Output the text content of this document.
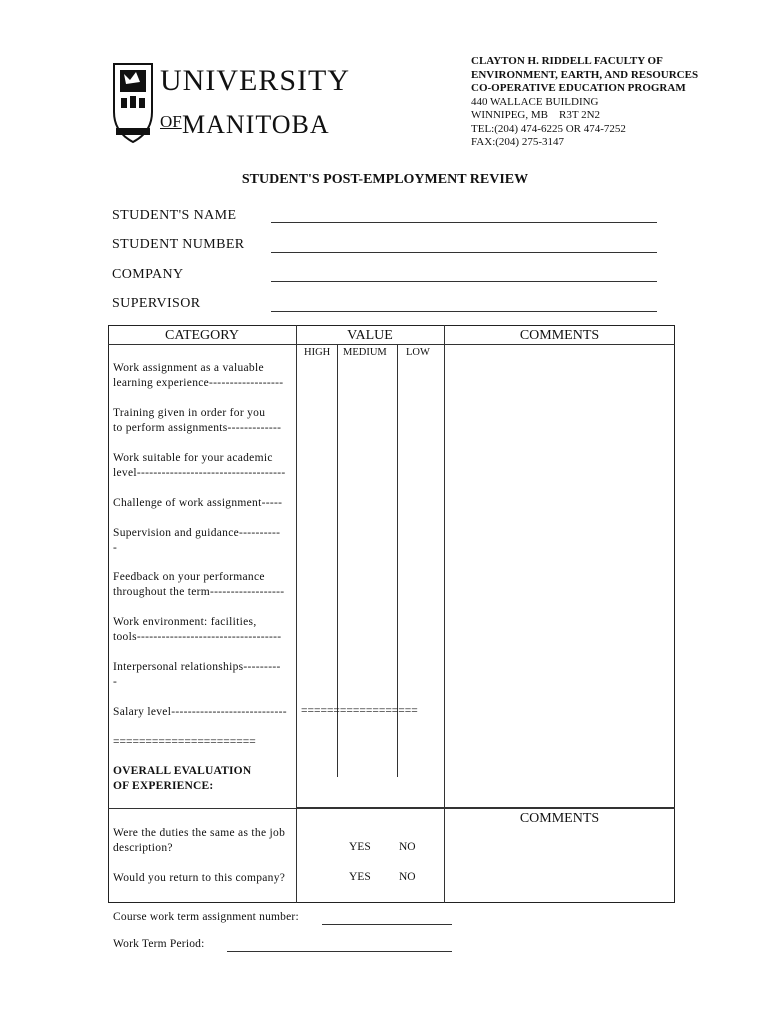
UNIVERSITY
OF MANITOBA
CLAYTON H. RIDDELL FACULTY OF
ENVIRONMENT, EARTH, AND RESOURCES
CO-OPERATIVE EDUCATION PROGRAM
440 WALLACE BUILDING
WINNIPEG, MB    R3T 2N2
TEL:(204) 474-6225 OR 474-7252
FAX:(204) 275-3147
STUDENT'S POST-EMPLOYMENT REVIEW
STUDENT'S NAME
STUDENT NUMBER
COMPANY
SUPERVISOR
CATEGORY	VALUE	COMMENTS
HIGH MEDIUM LOW
Work assignment as a valuable
learning experience------------------
Training given in order for you
to perform assignments-------------
Work suitable for your academic
level------------------------------------
Challenge of work assignment-----
Supervision and guidance----------
-
Feedback on your performance
throughout the term------------------
Work environment: facilities,
tools-----------------------------------
Interpersonal relationships---------
-
Salary level----------------------------	==================
======================
OVERALL EVALUATION
OF EXPERIENCE:
COMMENTS
Were the duties the same as the job
description?	YES NO
Would you return to this company?	YES NO
Course work term assignment number:
Work Term Period:
